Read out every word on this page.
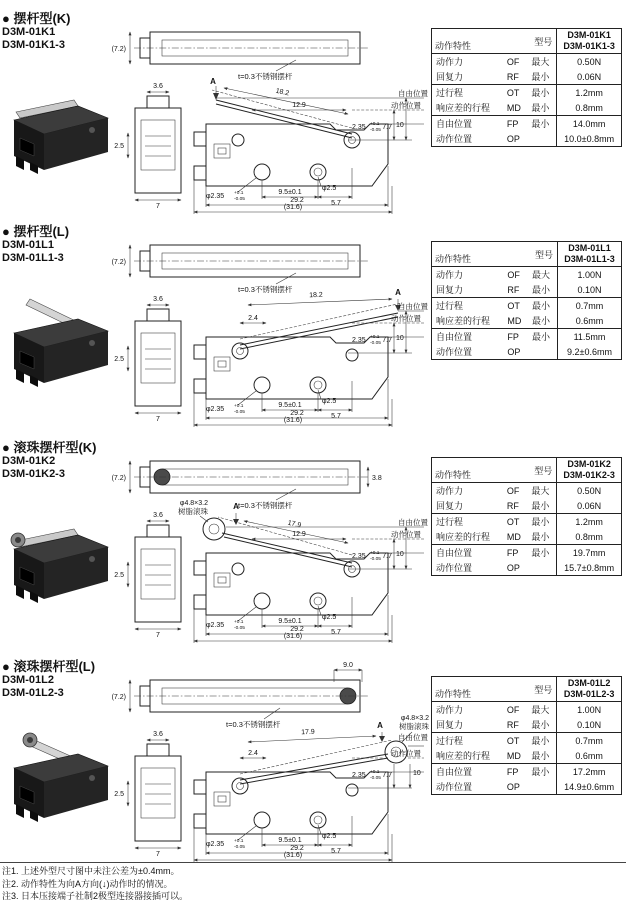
(7.2)
t=0.3不锈钢摆杆
3.6
2.5
7
A
18.2
12.9
2.35 +0.1
-0.05 7.7 10
自由位置
动作位置
φ2.5
9.5±0.1
5.7
φ2.35 +0.1
-0.05	29.2
(31.6)
● 摆杆型(K)
D3M-01K1
D3M-01K1-3	型号
动作特性

D3M-01K1
D3M-01K1-3

动作力	OF	最大	0.50N
回复力	RF	最小	0.06N
过行程	OT	最小	1.2mm
响应差的行程	MD	最小	0.8mm
自由位置	FP	最小	14.0mm
动作位置	OP		10.0±0.8mm
(7.2)
t=0.3不锈钢摆杆
3.6
2.5
7
A
18.2
2.4
2.35 +0.1
-0.05 7.7 10
自由位置
动作位置
φ2.5
9.5±0.1
5.7
φ2.35 +0.1
-0.05	29.2
(31.6)
● 摆杆型(L)
D3M-01L1
D3M-01L1-3	型号
动作特性

D3M-01L1
D3M-01L1-3

动作力	OF	最大	1.00N
回复力	RF	最小	0.10N
过行程	OT	最小	0.7mm
响应差的行程	MD	最小	0.6mm
自由位置	FP	最小	11.5mm
动作位置	OP		9.2±0.6mm
(7.2)	3.8
t=0.3不锈钢摆杆
3.6
2.5
7
A
φ4.8×3.2
树脂滚珠
17.9
12.9
2.35 +0.1
-0.05 7.7 10
自由位置
动作位置
φ2.5
9.5±0.1
5.7
φ2.35 +0.1
-0.05	29.2
(31.6)
● 滚珠摆杆型(K)
D3M-01K2
D3M-01K2-3	型号
动作特性

D3M-01K2
D3M-01K2-3

动作力	OF	最大	0.50N
回复力	RF	最小	0.06N
过行程	OT	最小	1.2mm
响应差的行程	MD	最小	0.8mm
自由位置	FP	最小	19.7mm
动作位置	OP		15.7±0.8mm
(7.2)
9.0
t=0.3不锈钢摆杆
3.6
2.5
7
A
φ4.8×3.2
树脂滚珠
17.9
2.4
2.35 +0.1
-0.05 7.7	10
自由位置
动作位置
φ2.5
9.5±0.1
5.7
φ2.35 +0.1
-0.05	29.2
(31.6)
● 滚珠摆杆型(L)
D3M-01L2
D3M-01L2-3	型号
动作特性

D3M-01L2
D3M-01L2-3

动作力	OF	最大	1.00N
回复力	RF	最小	0.10N
过行程	OT	最小	0.7mm
响应差的行程	MD	最小	0.6mm
自由位置	FP	最小	17.2mm
动作位置	OP		14.9±0.6mm
注1. 上述外型尺寸图中未注公差为±0.4mm。
注2. 动作特性为向A方向(↓)动作时的情况。
注3. 日本压接端子社制2极型连接器接插可以。
